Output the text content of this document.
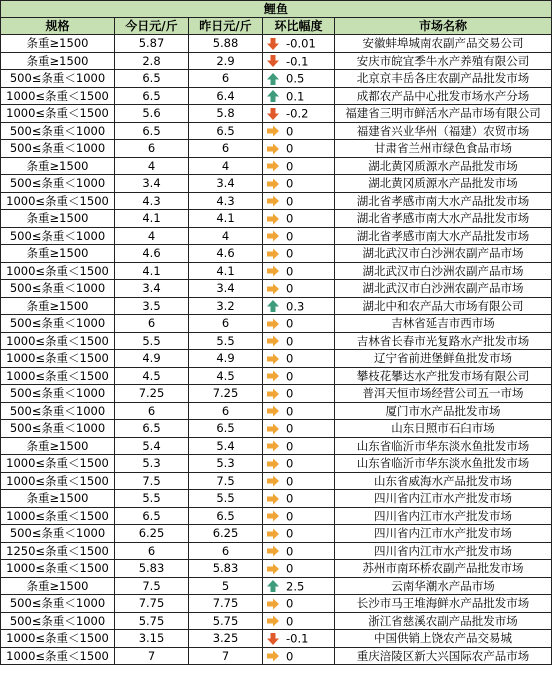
鲤鱼				
规格	今日元/斤	昨日元/斤	环比幅度	市场名称
条重≥1500	5.87	5.88	-0.01	安徽蚌埠城南农副产品交易公司
条重≥1500	2.8	2.9	-0.1	安庆市皖宜季牛水产养殖有限公司
500≤条重＜1000	6.5	6	0.5	北京京丰岳各庄农副产品批发市场
1000≤条重＜1500	6.5	6.4	0.1	成都农产品中心批发市场水产分场
1000≤条重＜1500	5.6	5.8	-0.2	福建省三明市鲜活水产品市场有限公司
500≤条重＜1000	6.5	6.5	0	福建省兴业华州（福建）农贸市场
500≤条重＜1000	6	6	0	甘肃省兰州市绿色食品市场
条重≥1500	4	4	0	湖北黄冈质源水产品批发市场
500≤条重＜1000	3.4	3.4	0	湖北黄冈质源水产品批发市场
1000≤条重＜1500	4.3	4.3	0	湖北省孝感市南大水产品批发市场
条重≥1500	4.1	4.1	0	湖北省孝感市南大水产品批发市场
500≤条重＜1000	4	4	0	湖北省孝感市南大水产品批发市场
条重≥1500	4.6	4.6	0	湖北武汉市白沙洲农副产品市场
1000≤条重＜1500	4.1	4.1	0	湖北武汉市白沙洲农副产品市场
500≤条重＜1000	3.4	3.4	0	湖北武汉市白沙洲农副产品市场
条重≥1500	3.5	3.2	0.3	湖北中和农产品大市场有限公司
500≤条重＜1000	6	6	0	吉林省延吉市西市场
1000≤条重＜1500	5.5	5.5	0	吉林省长春市光复路水产批发市场
1000≤条重＜1500	4.9	4.9	0	辽宁省前进堡鲜鱼批发市场
1000≤条重＜1500	4.5	4.5	0	攀枝花攀达水产批发市场有限公司
500≤条重＜1000	7.25	7.25	0	普洱天恒市场经营公司五一市场
500≤条重＜1000	6	6	0	厦门市水产品批发市场
500≤条重＜1000	6.5	6.5	0	山东日照市石臼市场
条重≥1500	5.4	5.4	0	山东省临沂市华东淡水鱼批发市场
1000≤条重＜1500	5.3	5.3	0	山东省临沂市华东淡水鱼批发市场
1000≤条重＜1500	7.5	7.5	0	山东省威海水产品批发市场
条重≥1500	5.5	5.5	0	四川省内江市水产批发市场
1000≤条重＜1500	6.5	6.5	0	四川省内江市水产批发市场
500≤条重＜1000	6.25	6.25	0	四川省内江市水产批发市场
1250≤条重＜1500	6	6	0	四川省内江市水产批发市场
1000≤条重＜1500	5.83	5.83	0	苏州市南环桥农副产品批发市场
条重≥1500	7.5	5	2.5	云南华潮水产品市场
500≤条重＜1000	7.75	7.75	0	长沙市马王堆海鲜水产品批发市场
500≤条重＜1000	5.75	5.75	0	浙江省慈溪农副产品批发市场
1000≤条重＜1500	3.15	3.25	-0.1	中国供销上饶农产品交易城
1000≤条重＜1500	7	7	0	重庆涪陵区新大兴国际农产品市场
